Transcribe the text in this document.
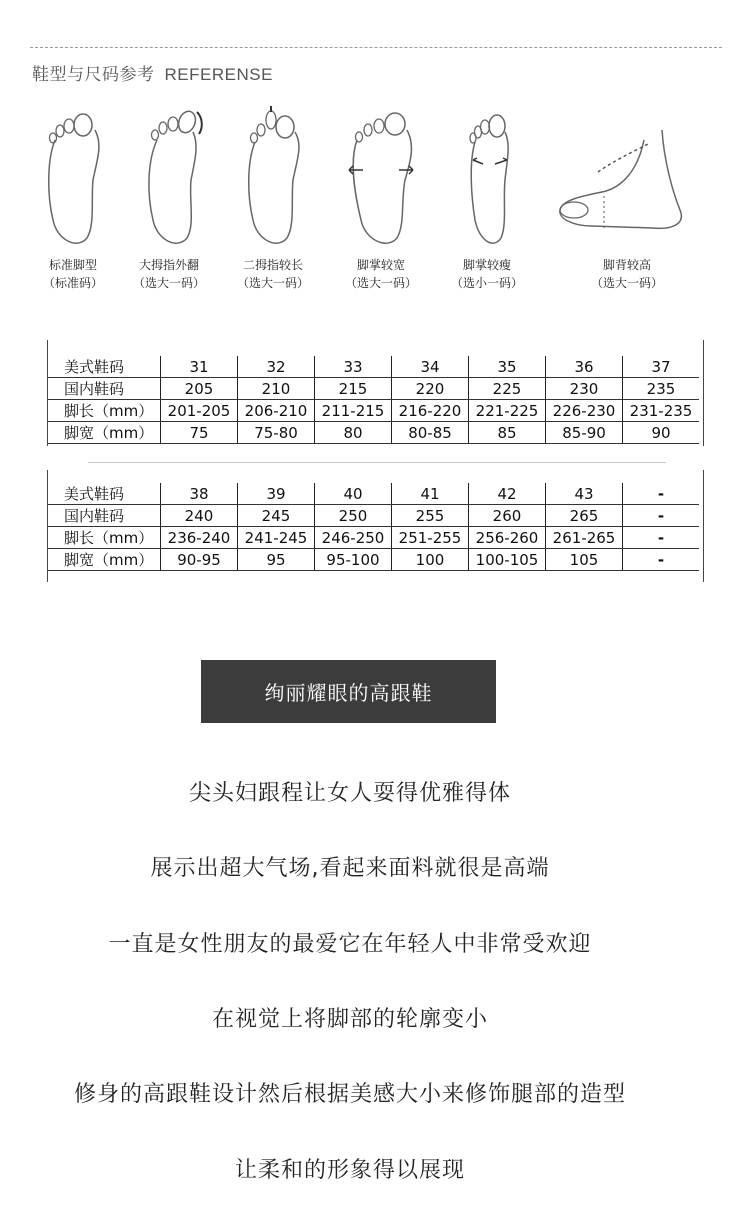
鞋型与尺码参考 REFERENSE
标准脚型
（标准码）
大拇指外翻
（选大一码）
二拇指较长
（选大一码）
脚掌较宽
（选大一码）
脚掌较瘦
（选小一码）
脚背较高
（选大一码）
美式鞋码	31	32	33	34	35	36	37
国内鞋码	205	210	215	220	225	230	235
脚长（mm）	201-205	206-210	211-215	216-220	221-225	226-230	231-235
脚宽（mm）	75	75-80	80	80-85	85	85-90	90
美式鞋码	38	39	40	41	42	43	-
国内鞋码	240	245	250	255	260	265	-
脚长（mm）	236-240	241-245	246-250	251-255	256-260	261-265	-
脚宽（mm）	90-95	95	95-100	100	100-105	105	-
绚丽耀眼的高跟鞋
尖头妇跟程让女人耍得优雅得体
展示出超大气场,看起来面料就很是高端
一直是女性朋友的最爱它在年轻人中非常受欢迎
在视觉上将脚部的轮廓变小
修身的高跟鞋设计然后根据美感大小来修饰腿部的造型
让柔和的形象得以展现
